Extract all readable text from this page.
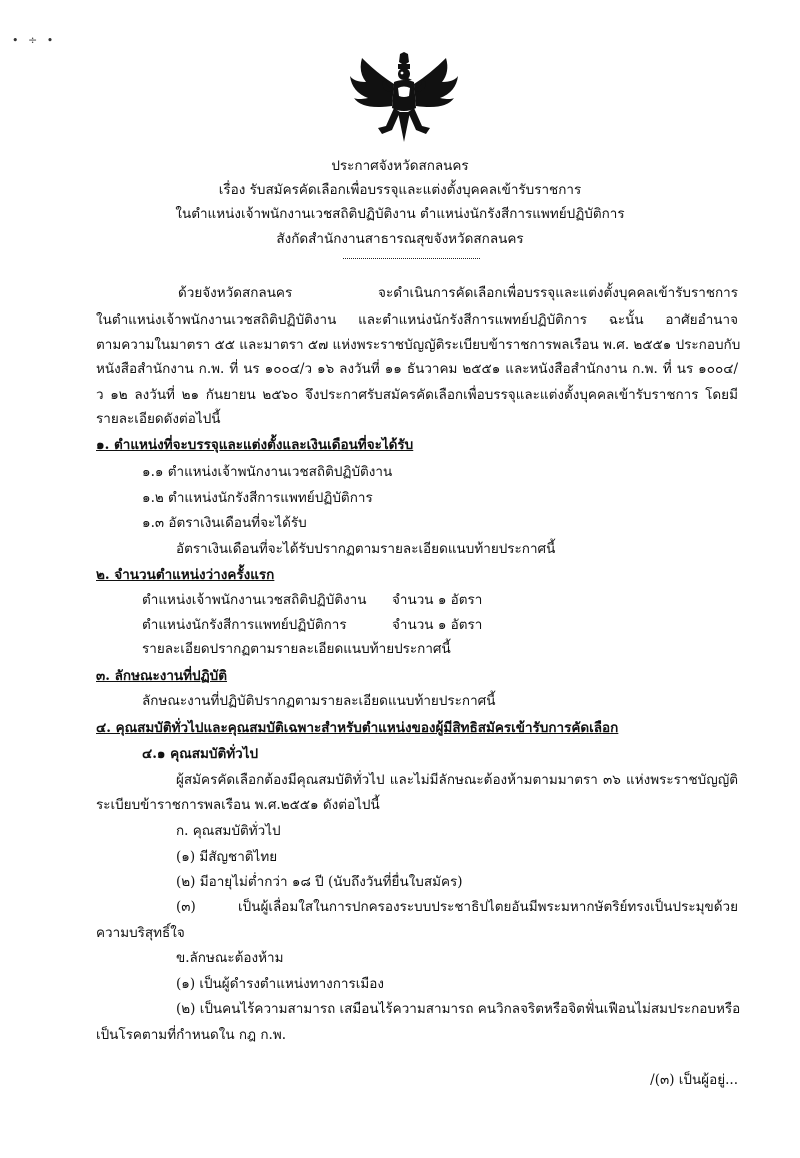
• ÷ •
ประกาศจังหวัดสกลนคร
เรื่อง รับสมัครคัดเลือกเพื่อบรรจุและแต่งตั้งบุคคลเข้ารับราชการ
ในตำแหน่งเจ้าพนักงานเวชสถิติปฏิบัติงาน ตำแหน่งนักรังสีการแพทย์ปฏิบัติการ
สังกัดสำนักงานสาธารณสุขจังหวัดสกลนคร
ด้วยจังหวัดสกลนคร จะดำเนินการคัดเลือกเพื่อบรรจุและแต่งตั้งบุคคลเข้ารับราชการ
ในตำแหน่งเจ้าพนักงานเวชสถิติปฏิบัติงาน และตำแหน่งนักรังสีการแพทย์ปฏิบัติการ ฉะนั้น อาศัยอำนาจ
ตามความในมาตรา ๕๕ และมาตรา ๕๗ แห่งพระราชบัญญัติระเบียบข้าราชการพลเรือน พ.ศ. ๒๕๕๑ ประกอบกับ
หนังสือสำนักงาน ก.พ. ที่ นร ๑๐๐๔/ว ๑๖ ลงวันที่ ๑๑ ธันวาคม ๒๕๕๑ และหนังสือสำนักงาน ก.พ. ที่ นร ๑๐๐๔/
ว ๑๒ ลงวันที่ ๒๑ กันยายน ๒๕๖๐ จึงประกาศรับสมัครคัดเลือกเพื่อบรรจุและแต่งตั้งบุคคลเข้ารับราชการ โดยมี
รายละเอียดดังต่อไปนี้
๑. ตำแหน่งที่จะบรรจุและแต่งตั้งและเงินเดือนที่จะได้รับ
๑.๑ ตำแหน่งเจ้าพนักงานเวชสถิติปฏิบัติงาน
๑.๒ ตำแหน่งนักรังสีการแพทย์ปฏิบัติการ
๑.๓ อัตราเงินเดือนที่จะได้รับ
อัตราเงินเดือนที่จะได้รับปรากฏตามรายละเอียดแนบท้ายประกาศนี้
๒. จำนวนตำแหน่งว่างครั้งแรก
ตำแหน่งเจ้าพนักงานเวชสถิติปฏิบัติงาน จำนวน ๑ อัตรา
ตำแหน่งนักรังสีการแพทย์ปฏิบัติการ	จำนวน ๑ อัตรา
รายละเอียดปรากฏตามรายละเอียดแนบท้ายประกาศนี้
๓. ลักษณะงานที่ปฏิบัติ
ลักษณะงานที่ปฏิบัติปรากฏตามรายละเอียดแนบท้ายประกาศนี้
๔. คุณสมบัติทั่วไปและคุณสมบัติเฉพาะสำหรับตำแหน่งของผู้มีสิทธิสมัครเข้ารับการคัดเลือก
๔.๑ คุณสมบัติทั่วไป
ผู้สมัครคัดเลือกต้องมีคุณสมบัติทั่วไป และไม่มีลักษณะต้องห้ามตามมาตรา ๓๖ แห่งพระราชบัญญัติ
ระเบียบข้าราชการพลเรือน พ.ศ.๒๕๕๑ ดังต่อไปนี้
ก. คุณสมบัติทั่วไป
(๑) มีสัญชาติไทย
(๒) มีอายุไม่ต่ำกว่า ๑๘ ปี (นับถึงวันที่ยื่นใบสมัคร)
(๓) เป็นผู้เลื่อมใสในการปกครองระบบประชาธิปไตยอันมีพระมหากษัตริย์ทรงเป็นประมุขด้วย
ความบริสุทธิ์ใจ
ข.ลักษณะต้องห้าม
(๑) เป็นผู้ดำรงตำแหน่งทางการเมือง
(๒) เป็นคนไร้ความสามารถ เสมือนไร้ความสามารถ คนวิกลจริตหรือจิตฟั่นเฟือนไม่สมประกอบหรือ
เป็นโรคตามที่กำหนดใน กฎ ก.พ.
/(๓) เป็นผู้อยู่...
